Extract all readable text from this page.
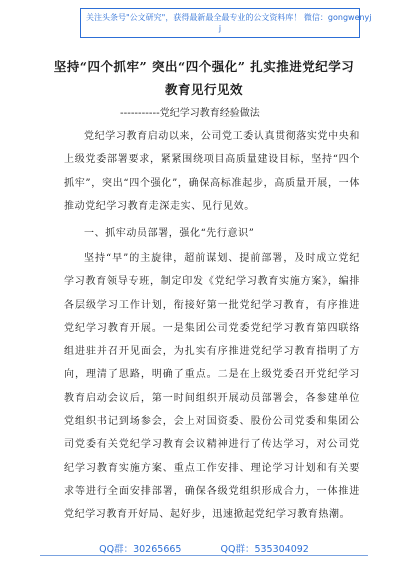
关注头条号"公文研究"，获得最新最全最专业的公文资料库！ 微信：gongwenyj
j
坚持“四个抓牢” 突出“四个强化” 扎实推进党纪学习
教育见行见效
-----------党纪学习教育经验做法
党纪学习教育启动以来，公司党工委认真贯彻落实党中央和上级党委部署要求，紧紧围绕项目高质量建设目标，坚持“四个抓牢”，突出“四个强化”，确保高标准起步，高质量开展，一体推动党纪学习教育走深走实、见行见效。
一、抓牢动员部署，强化“先行意识”
坚持“早”的主旋律，超前谋划、提前部署，及时成立党纪学习教育领导专班，制定印发《党纪学习教育实施方案》，编排各层级学习工作计划，衔接好第一批党纪学习教育，有序推进党纪学习教育开展。一是集团公司党委党纪学习教育第四联络组进驻并召开见面会，为扎实有序推进党纪学习教育指明了方向，理清了思路，明确了重点。二是在上级党委召开党纪学习教育启动会议后，第一时间组织开展动员部署会，各参建单位党组织书记到场参会，会上对国资委、股份公司党委和集团公司党委有关党纪学习教育会议精神进行了传达学习，对公司党纪学习教育实施方案、重点工作安排、理论学习计划和有关要求等进行全面安排部署，确保各级党组织形成合力，一体推进党纪学习教育开好局、起好步，迅速掀起党纪学习教育热潮。
QQ群：30265665	QQ群：535304092
